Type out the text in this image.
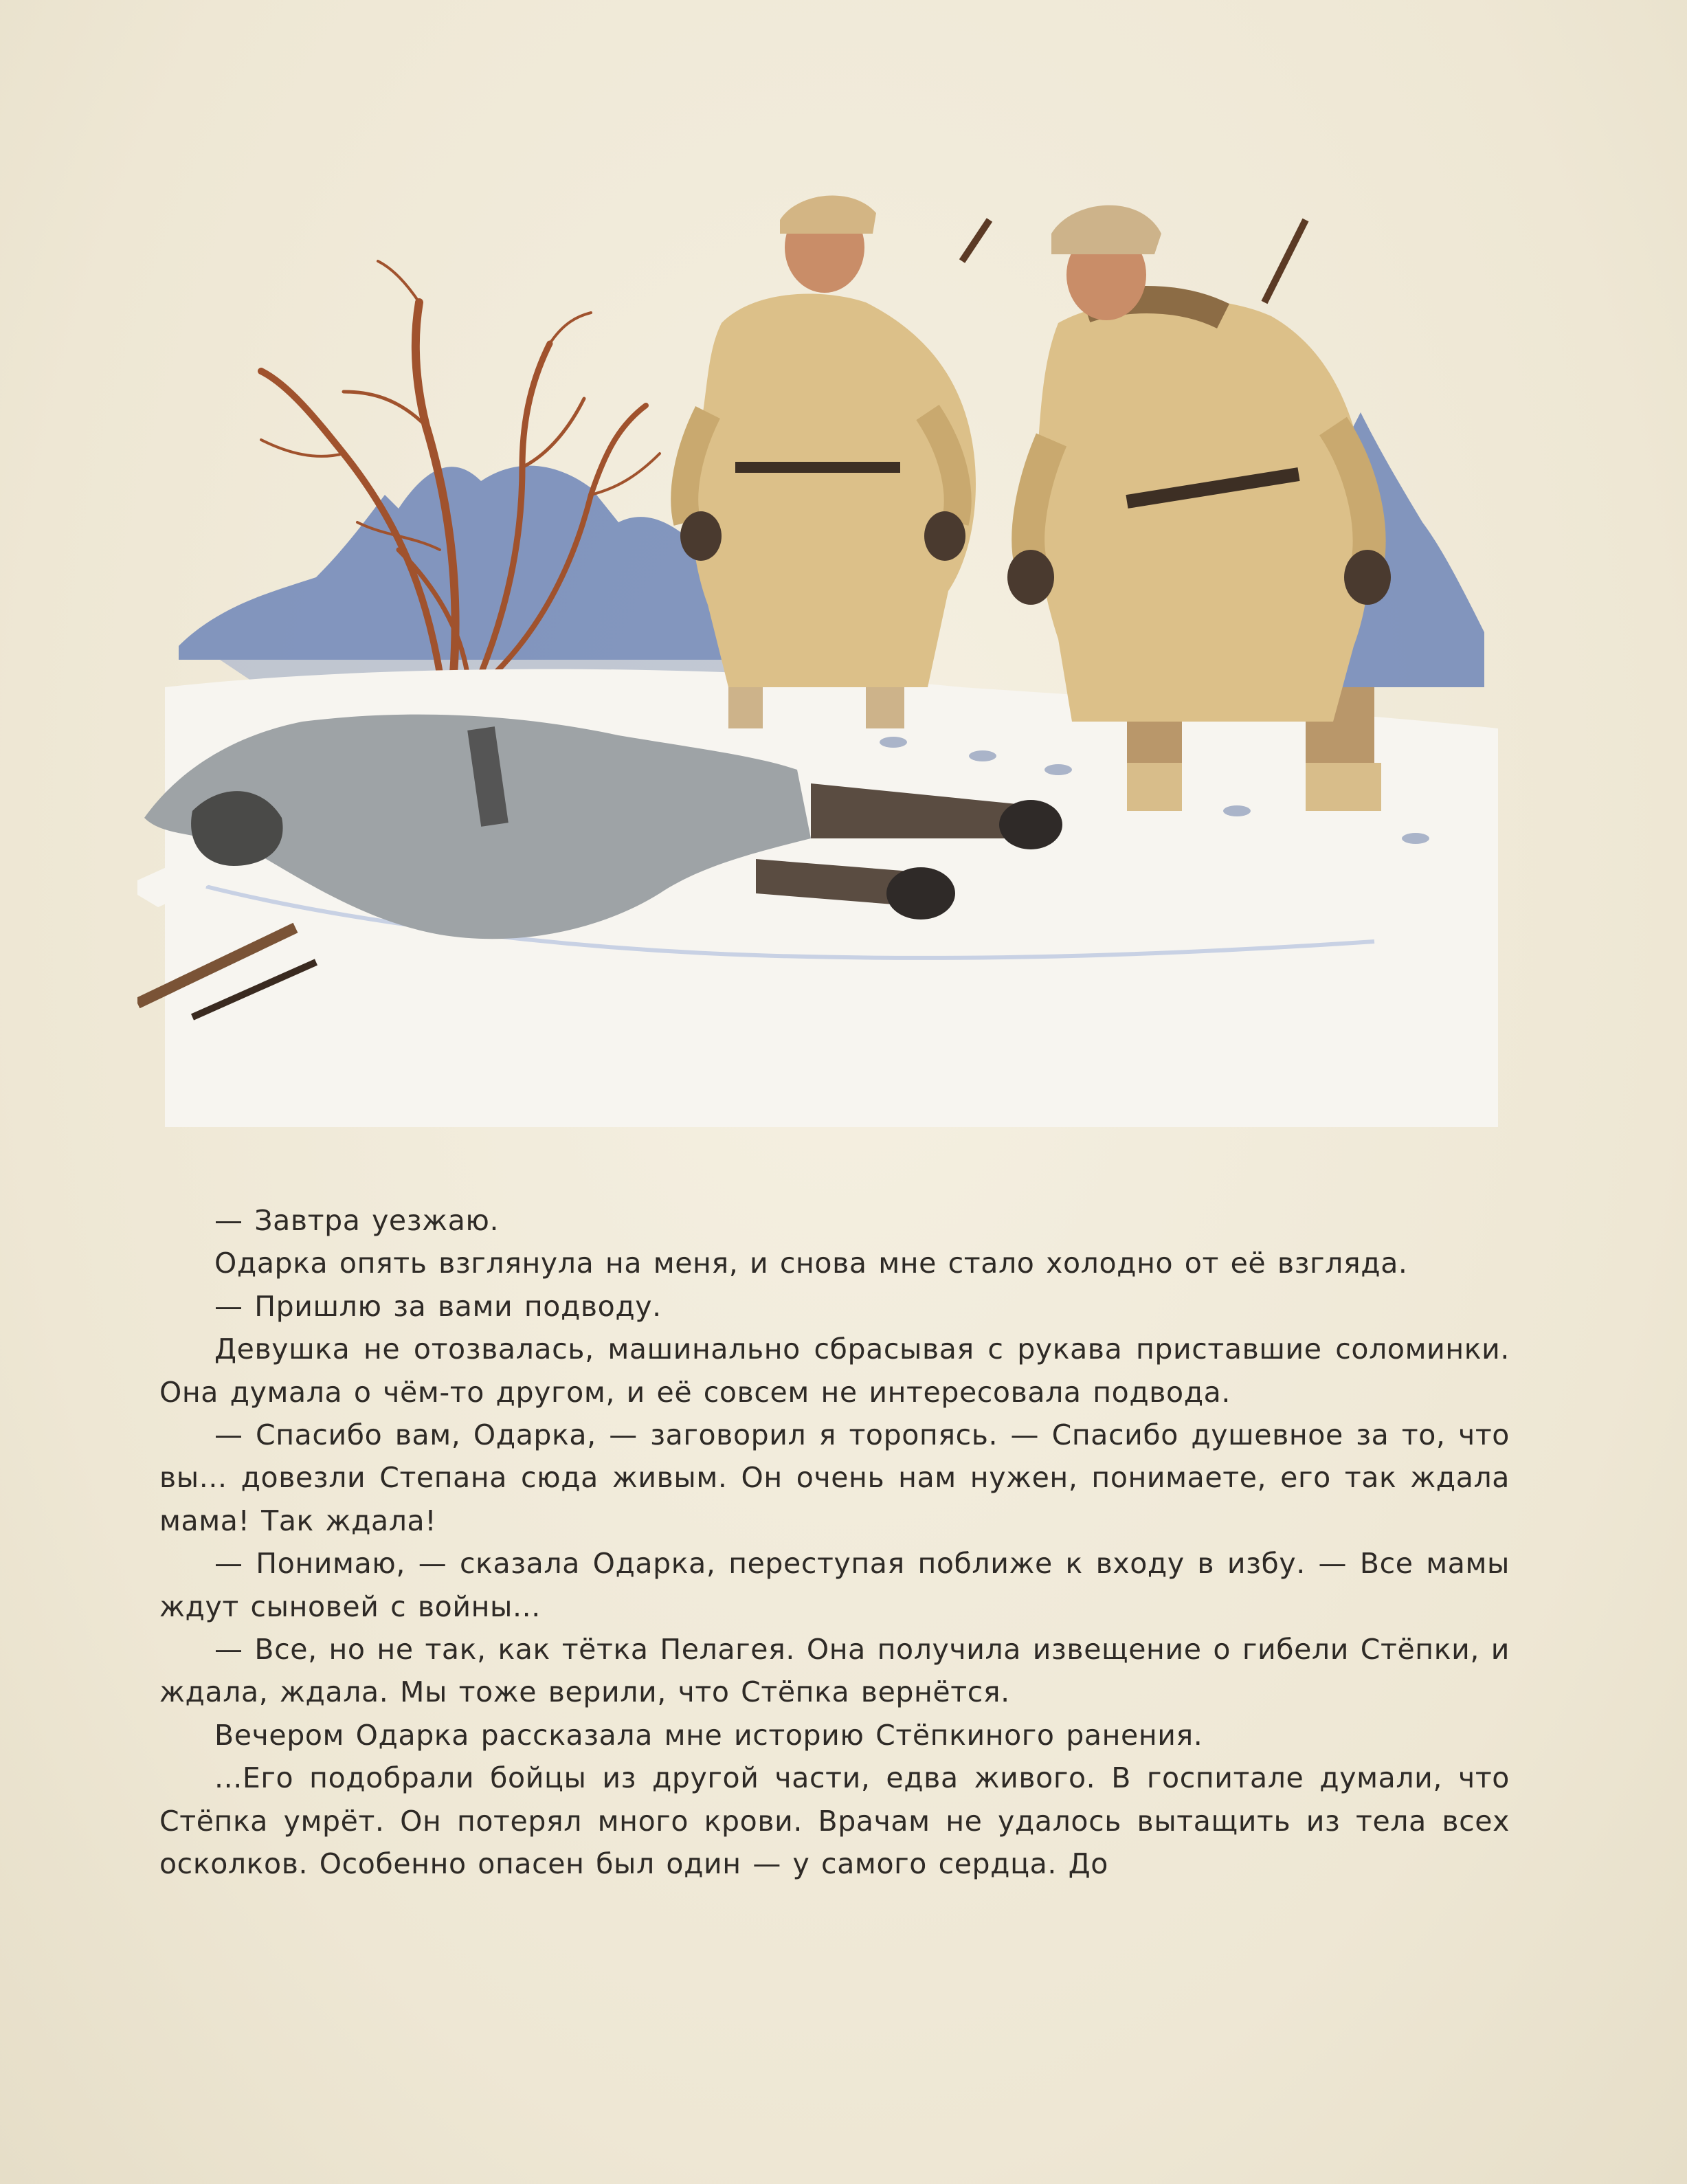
— Завтра уезжаю.

Одарка опять взглянула на меня, и снова мне стало холодно от её взгляда.

— Пришлю за вами подводу.

Девушка не отозвалась, машинально сбрасывая с рукава приставшие соломинки. Она думала о чём-то другом, и её совсем не интересовала подвода.

— Спасибо вам, Одарка, — заговорил я торопясь. — Спасибо душевное за то, что вы... довезли Степана сюда живым. Он очень нам нужен, понимаете, его так ждала мама! Так ждала!

— Понимаю, — сказала Одарка, переступая поближе к входу в избу. — Все мамы ждут сыновей с войны...

— Все, но не так, как тётка Пелагея. Она получила извещение о гибели Стёпки, и ждала, ждала. Мы тоже верили, что Стёпка вернётся.

Вечером Одарка рассказала мне историю Стёпкиного ранения.

...Его подобрали бойцы из другой части, едва живого. В госпитале думали, что Стёпка умрёт. Он потерял много крови. Врачам не удалось вытащить из тела всех осколков. Особенно опасен был один — у самого сердца. До
